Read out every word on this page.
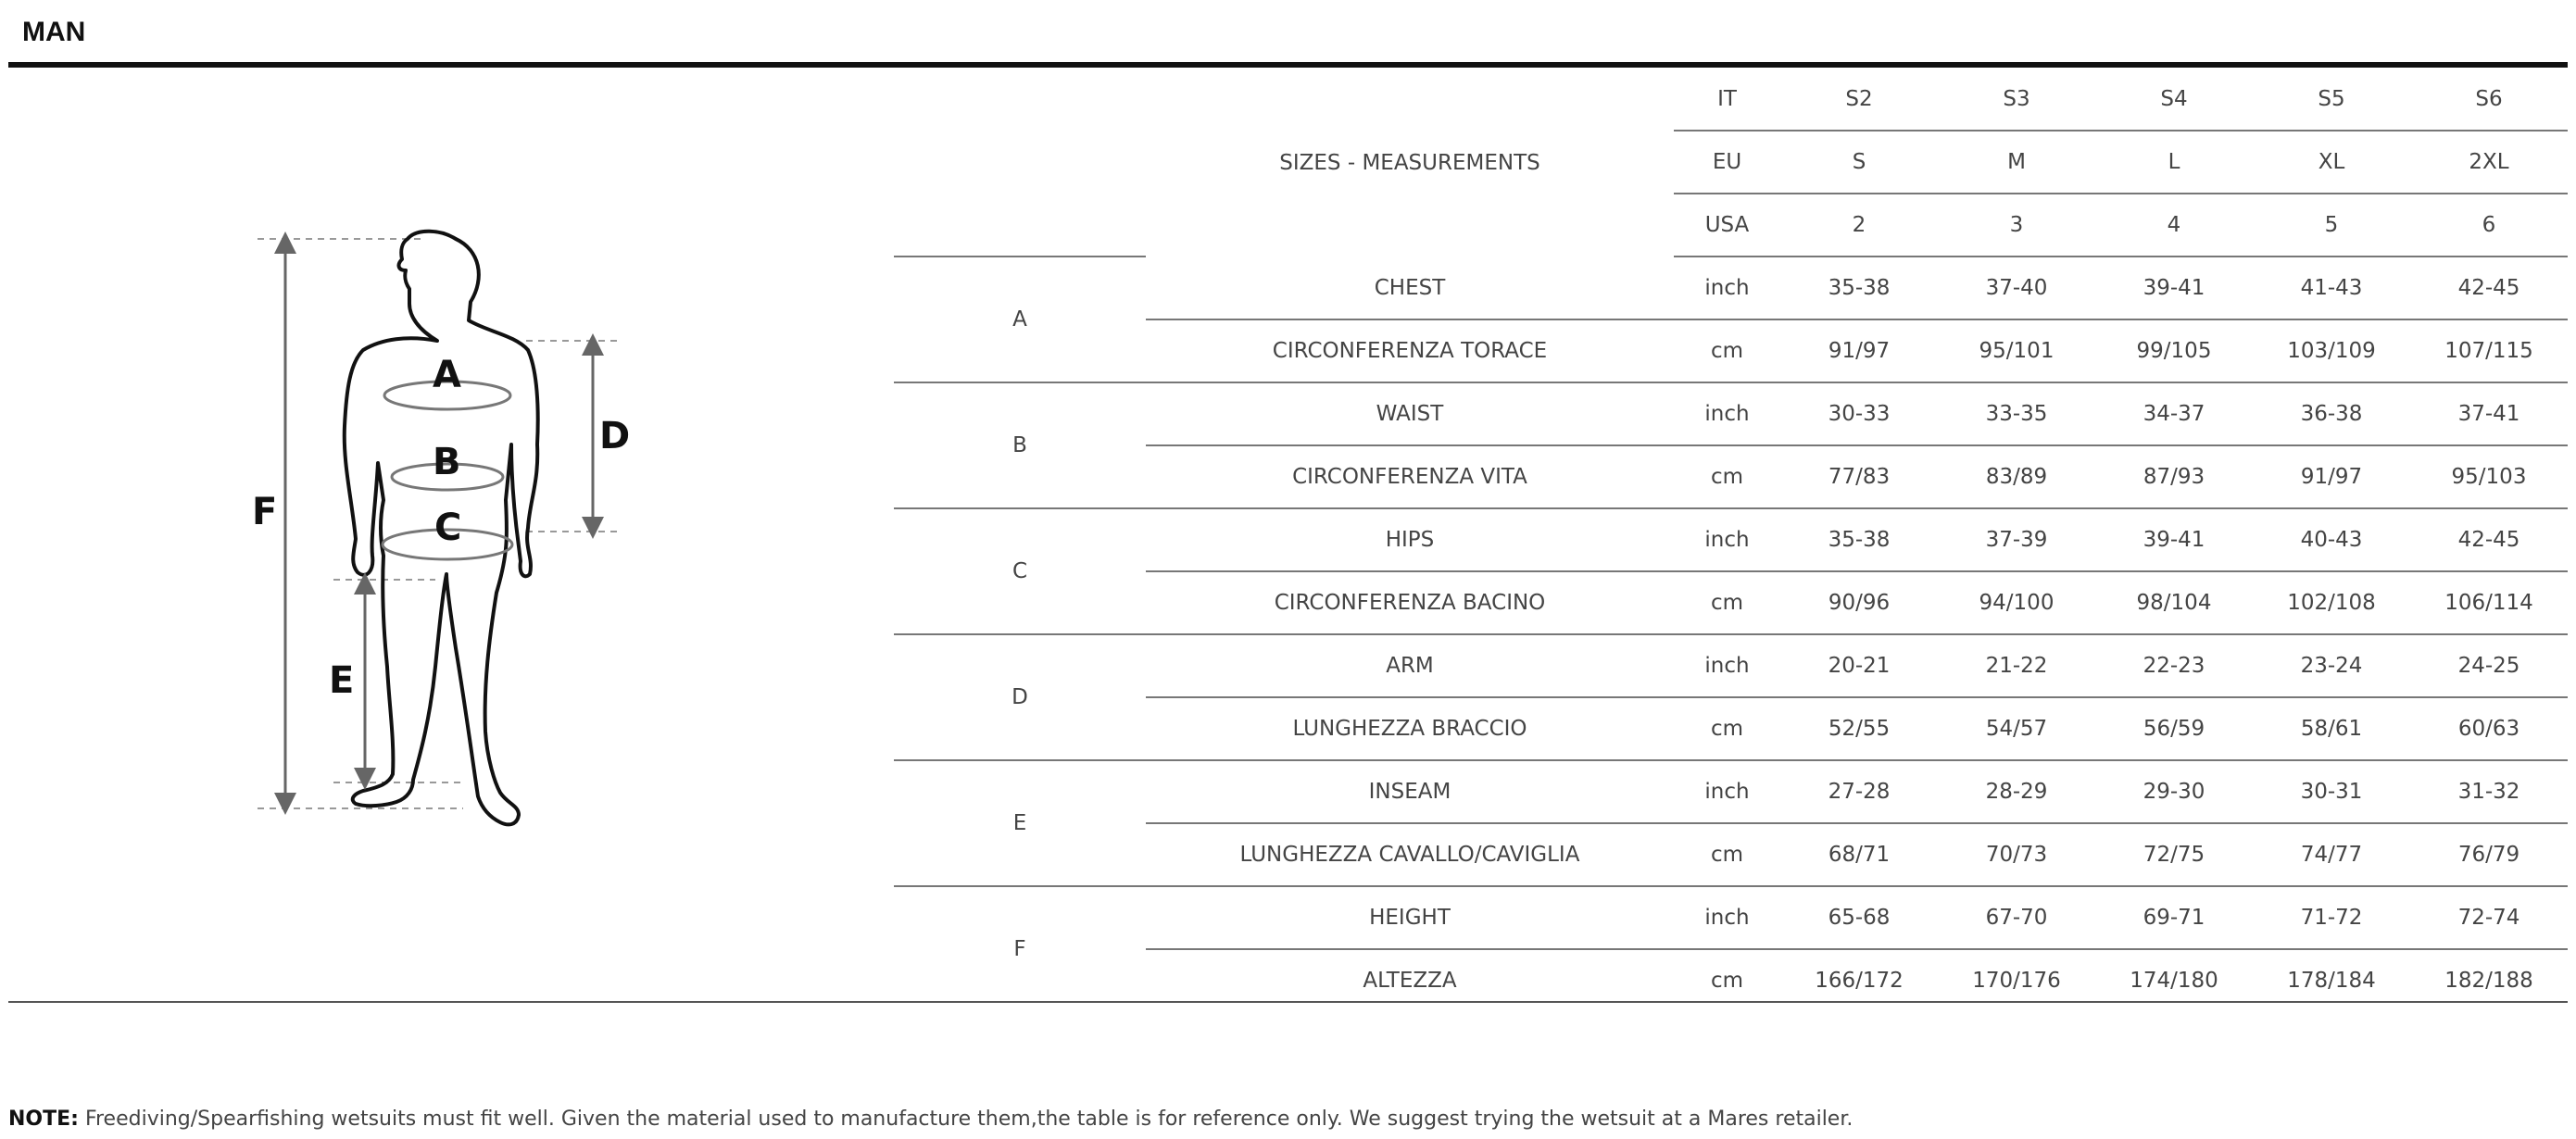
MAN
A
B
C
D
E
F
	SIZES - MEASUREMENTS	IT	S2	S3	S4	S5	S6
		EU	S	M	L	XL	2XL
		USA	2	3	4	5	6
A	CHEST	inch	35-38	37-40	39-41	41-43	42-45
	CIRCONFERENZA TORACE	cm	91/97	95/101	99/105	103/109	107/115
B	WAIST	inch	30-33	33-35	34-37	36-38	37-41
	CIRCONFERENZA VITA	cm	77/83	83/89	87/93	91/97	95/103
C	HIPS	inch	35-38	37-39	39-41	40-43	42-45
	CIRCONFERENZA BACINO	cm	90/96	94/100	98/104	102/108	106/114
D	ARM	inch	20-21	21-22	22-23	23-24	24-25
	LUNGHEZZA BRACCIO	cm	52/55	54/57	56/59	58/61	60/63
E	INSEAM	inch	27-28	28-29	29-30	30-31	31-32
	LUNGHEZZA CAVALLO/CAVIGLIA	cm	68/71	70/73	72/75	74/77	76/79
F	HEIGHT	inch	65-68	67-70	69-71	71-72	72-74
	ALTEZZA	cm	166/172	170/176	174/180	178/184	182/188
NOTE: Freediving/Spearfishing wetsuits must fit well. Given the material used to manufacture them,the table is for reference only. We suggest trying the wetsuit at a Mares retailer.
